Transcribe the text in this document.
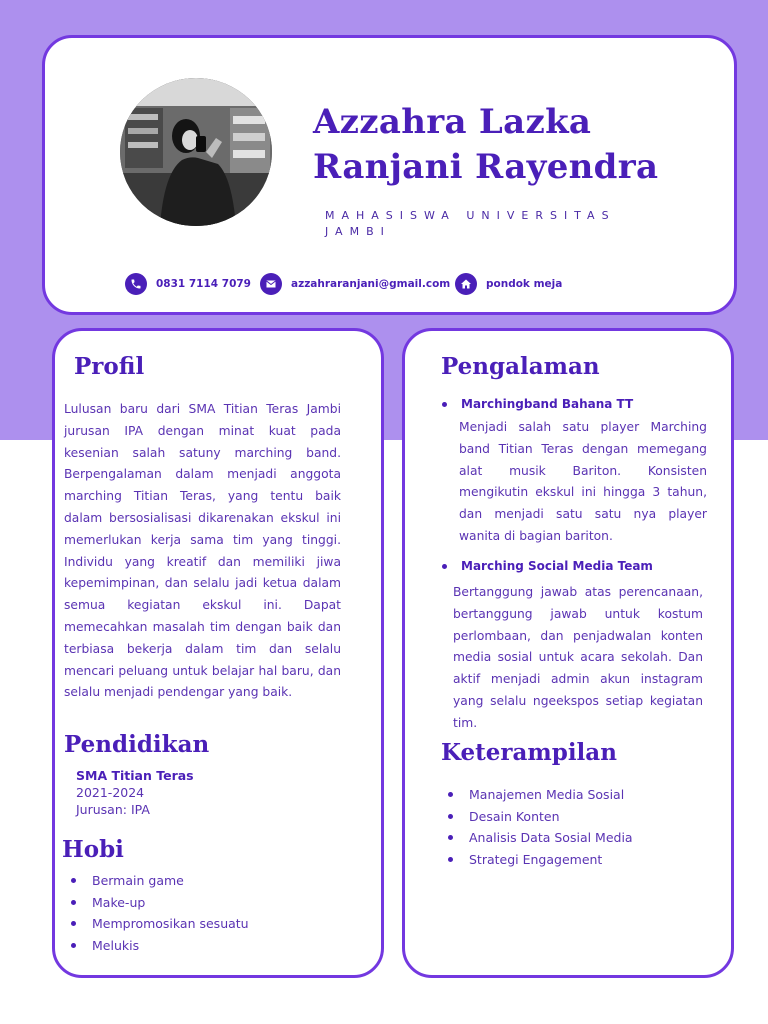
Azzahra Lazka
Ranjani Rayendra
MAHASISWA UNIVERSITAS JAMBI
0831 7114 7079	azzahraranjani@gmail.com	pondok meja
Profil
Lulusan baru dari SMA Titian Teras Jambi jurusan IPA dengan minat kuat pada kesenian salah satuny marching band. Berpengalaman dalam menjadi anggota marching Titian Teras, yang tentu baik dalam bersosialisasi dikarenakan ekskul ini memerlukan kerja sama tim yang tinggi. Individu yang kreatif dan memiliki jiwa kepemimpinan, dan selalu jadi ketua dalam semua kegiatan ekskul ini. Dapat memecahkan masalah tim dengan baik dan terbiasa bekerja dalam tim dan selalu mencari peluang untuk belajar hal baru, dan selalu menjadi pendengar yang baik.
Pendidikan
SMA Titian Teras
2021-2024
Jurusan: IPA
Hobi
Bermain game
Make-up
Mempromosikan sesuatu
Melukis
Pengalaman
Marchingband Bahana TT
Menjadi salah satu player Marching band Titian Teras dengan memegang alat musik Bariton. Konsisten mengikutin ekskul ini hingga 3 tahun, dan menjadi satu satu nya player wanita di bagian bariton.
Marching Social Media Team
Bertanggung jawab atas perencanaan, bertanggung jawab untuk kostum perlombaan, dan penjadwalan konten media sosial untuk acara sekolah. Dan aktif menjadi admin akun instagram yang selalu ngeekspos setiap kegiatan tim.
Keterampilan
Manajemen Media Sosial
Desain Konten
Analisis Data Sosial Media
Strategi Engagement
